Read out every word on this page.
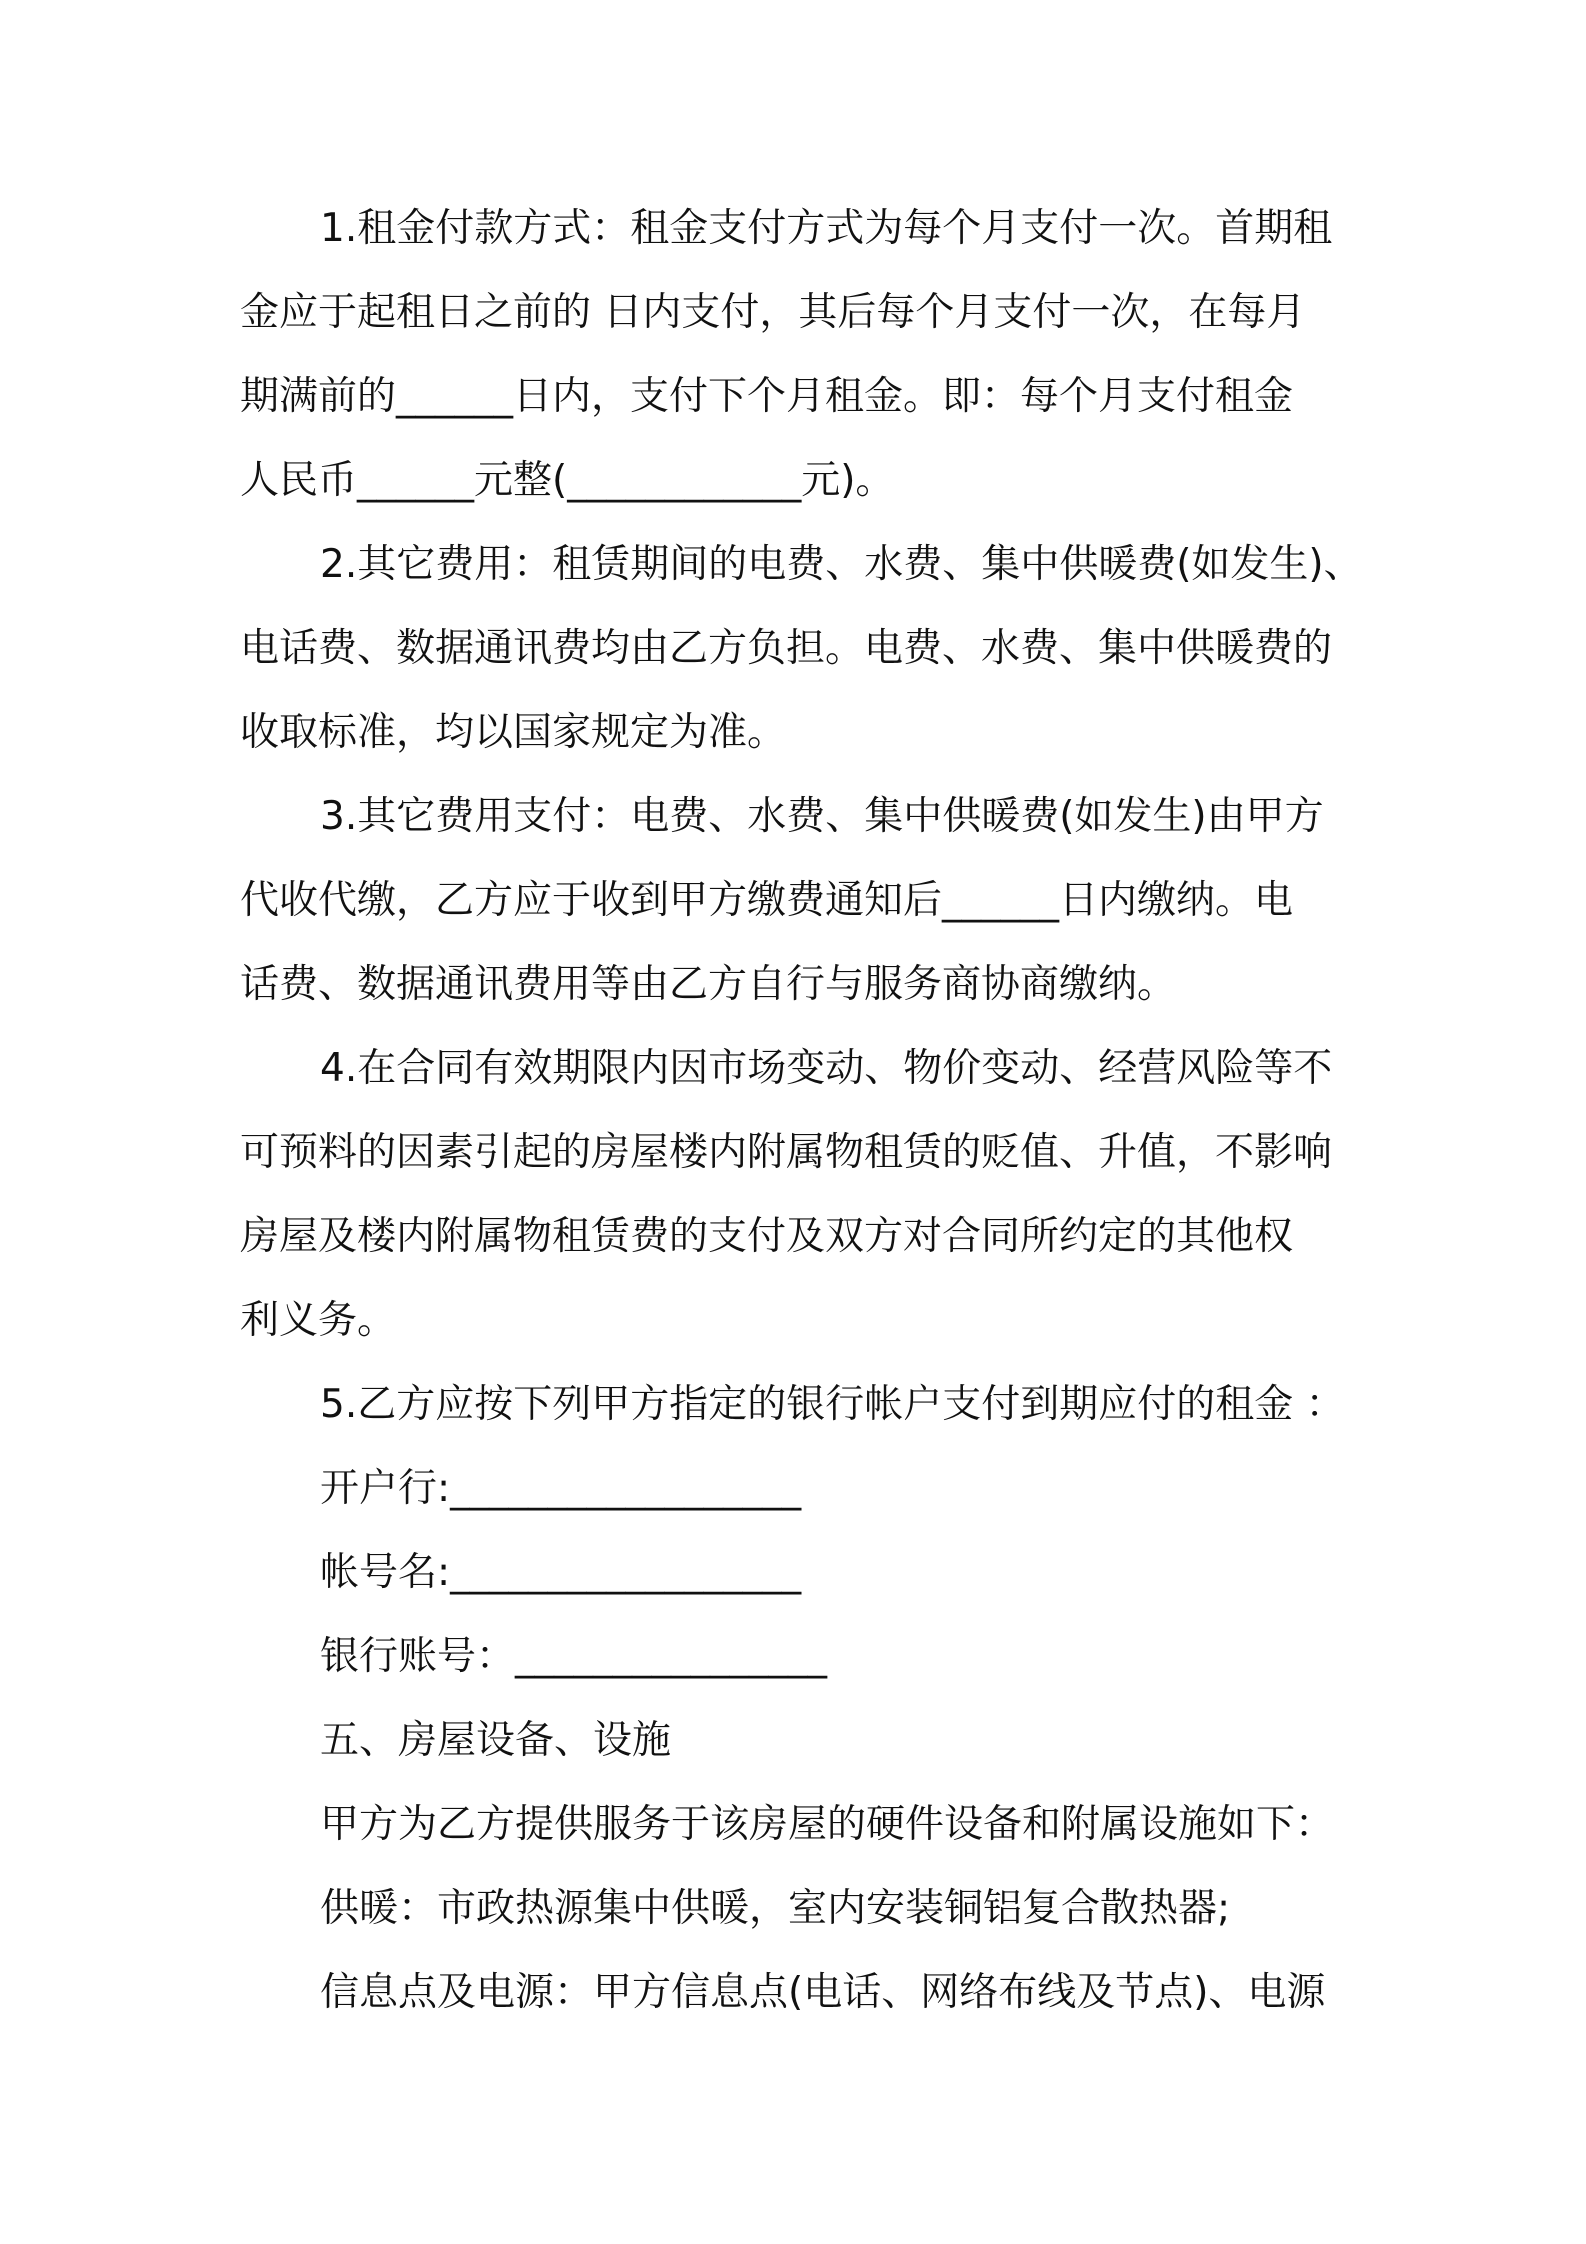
1.租金付款方式：租金支付方式为每个月支付一次。首期租
金应于起租日之前的 日内支付，其后每个月支付一次，在每月
期满前的______日内，支付下个月租金。即：每个月支付租金
人民币______元整(____________元)。
2.其它费用：租赁期间的电费、水费、集中供暖费(如发生)、
电话费、数据通讯费均由乙方负担。电费、水费、集中供暖费的
收取标准，均以国家规定为准。
3.其它费用支付：电费、水费、集中供暖费(如发生)由甲方
代收代缴，乙方应于收到甲方缴费通知后______日内缴纳。电
话费、数据通讯费用等由乙方自行与服务商协商缴纳。
4.在合同有效期限内因市场变动、物价变动、经营风险等不
可预料的因素引起的房屋楼内附属物租赁的贬值、升值，不影响
房屋及楼内附属物租赁费的支付及双方对合同所约定的其他权
利义务。
5.乙方应按下列甲方指定的银行帐户支付到期应付的租金 ：
开户行:__________________
帐号名:__________________
银行账号：________________
五、房屋设备、设施
甲方为乙方提供服务于该房屋的硬件设备和附属设施如下：
供暖：市政热源集中供暖，室内安装铜铝复合散热器;
信息点及电源：甲方信息点(电话、网络布线及节点)、电源
